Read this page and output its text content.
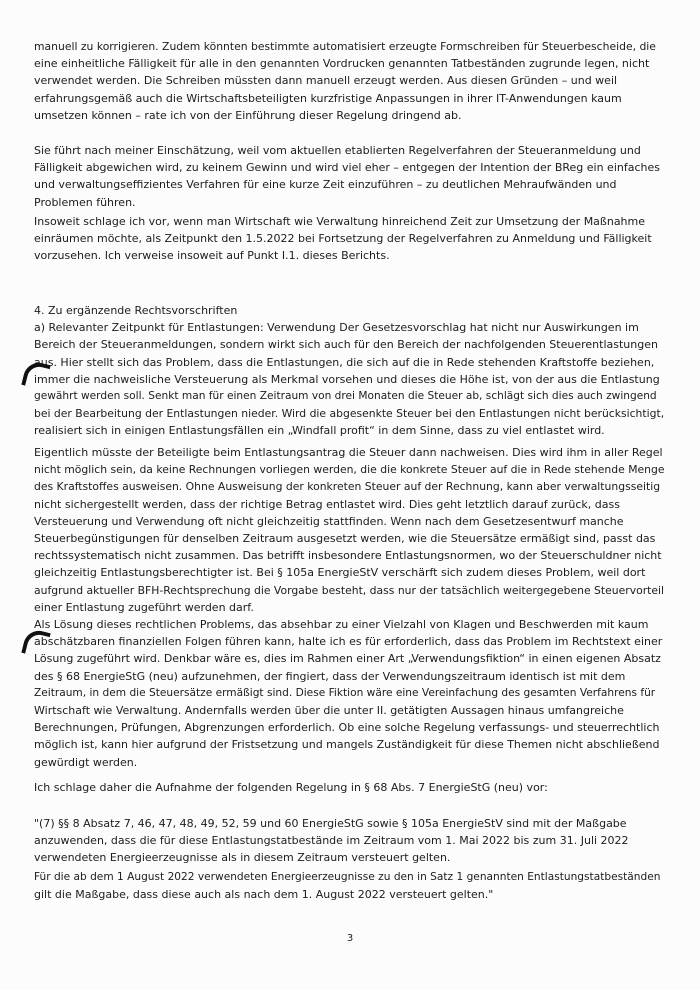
manuell zu korrigieren. Zudem könnten bestimmte automatisiert erzeugte Formschreiben für Steuerbescheide, die
eine einheitliche Fälligkeit für alle in den genannten Vordrucken genannten Tatbeständen zugrunde legen, nicht
verwendet werden. Die Schreiben müssten dann manuell erzeugt werden. Aus diesen Gründen – und weil
erfahrungsgemäß auch die Wirtschaftsbeteiligten kurzfristige Anpassungen in ihrer IT-Anwendungen kaum
umsetzen können – rate ich von der Einführung dieser Regelung dringend ab.
Sie führt nach meiner Einschätzung, weil vom aktuellen etablierten Regelverfahren der Steueranmeldung und
Fälligkeit abgewichen wird, zu keinem Gewinn und wird viel eher – entgegen der Intention der BReg ein einfaches
und verwaltungseffizientes Verfahren für eine kurze Zeit einzuführen – zu deutlichen Mehraufwänden und
Problemen führen.
Insoweit schlage ich vor, wenn man Wirtschaft wie Verwaltung hinreichend Zeit zur Umsetzung der Maßnahme
einräumen möchte, als Zeitpunkt den 1.5.2022 bei Fortsetzung der Regelverfahren zu Anmeldung und Fälligkeit
vorzusehen. Ich verweise insoweit auf Punkt I.1. dieses Berichts.
4. Zu ergänzende Rechtsvorschriften
a) Relevanter Zeitpunkt für Entlastungen: Verwendung Der Gesetzesvorschlag hat nicht nur Auswirkungen im
Bereich der Steueranmeldungen, sondern wirkt sich auch für den Bereich der nachfolgenden Steuerentlastungen
aus. Hier stellt sich das Problem, dass die Entlastungen, die sich auf die in Rede stehenden Kraftstoffe beziehen,
immer die nachweisliche Versteuerung als Merkmal vorsehen und dieses die Höhe ist, von der aus die Entlastung
gewährt werden soll. Senkt man für einen Zeitraum von drei Monaten die Steuer ab, schlägt sich dies auch zwingend
bei der Bearbeitung der Entlastungen nieder. Wird die abgesenkte Steuer bei den Entlastungen nicht berücksichtigt,
realisiert sich in einigen Entlastungsfällen ein „Windfall profit“ in dem Sinne, dass zu viel entlastet wird.
Eigentlich müsste der Beteiligte beim Entlastungsantrag die Steuer dann nachweisen. Dies wird ihm in aller Regel
nicht möglich sein, da keine Rechnungen vorliegen werden, die die konkrete Steuer auf die in Rede stehende Menge
des Kraftstoffes ausweisen. Ohne Ausweisung der konkreten Steuer auf der Rechnung, kann aber verwaltungsseitig
nicht sichergestellt werden, dass der richtige Betrag entlastet wird. Dies geht letztlich darauf zurück, dass
Versteuerung und Verwendung oft nicht gleichzeitig stattfinden. Wenn nach dem Gesetzesentwurf manche
Steuerbegünstigungen für denselben Zeitraum ausgesetzt werden, wie die Steuersätze ermäßigt sind, passt das
rechtssystematisch nicht zusammen. Das betrifft insbesondere Entlastungsnormen, wo der Steuerschuldner nicht
gleichzeitig Entlastungsberechtigter ist. Bei § 105a EnergieStV verschärft sich zudem dieses Problem, weil dort
aufgrund aktueller BFH-Rechtsprechung die Vorgabe besteht, dass nur der tatsächlich weitergegebene Steuervorteil
einer Entlastung zugeführt werden darf.
Als Lösung dieses rechtlichen Problems, das absehbar zu einer Vielzahl von Klagen und Beschwerden mit kaum
abschätzbaren finanziellen Folgen führen kann, halte ich es für erforderlich, dass das Problem im Rechtstext einer
Lösung zugeführt wird. Denkbar wäre es, dies im Rahmen einer Art „Verwendungsfiktion“ in einen eigenen Absatz
des § 68 EnergieStG (neu) aufzunehmen, der fingiert, dass der Verwendungszeitraum identisch ist mit dem
Zeitraum, in dem die Steuersätze ermäßigt sind. Diese Fiktion wäre eine Vereinfachung des gesamten Verfahrens für
Wirtschaft wie Verwaltung. Andernfalls werden über die unter II. getätigten Aussagen hinaus umfangreiche
Berechnungen, Prüfungen, Abgrenzungen erforderlich. Ob eine solche Regelung verfassungs- und steuerrechtlich
möglich ist, kann hier aufgrund der Fristsetzung und mangels Zuständigkeit für diese Themen nicht abschließend
gewürdigt werden.
Ich schlage daher die Aufnahme der folgenden Regelung in § 68 Abs. 7 EnergieStG (neu) vor:
"(7) §§ 8 Absatz 7, 46, 47, 48, 49, 52, 59 und 60 EnergieStG sowie § 105a EnergieStV sind mit der Maßgabe
anzuwenden, dass die für diese Entlastungstatbestände im Zeitraum vom 1. Mai 2022 bis zum 31. Juli 2022
verwendeten Energieerzeugnisse als in diesem Zeitraum versteuert gelten.
Für die ab dem 1 August 2022 verwendeten Energieerzeugnisse zu den in Satz 1 genannten Entlastungstatbeständen
gilt die Maßgabe, dass diese auch als nach dem 1. August 2022 versteuert gelten."
3
